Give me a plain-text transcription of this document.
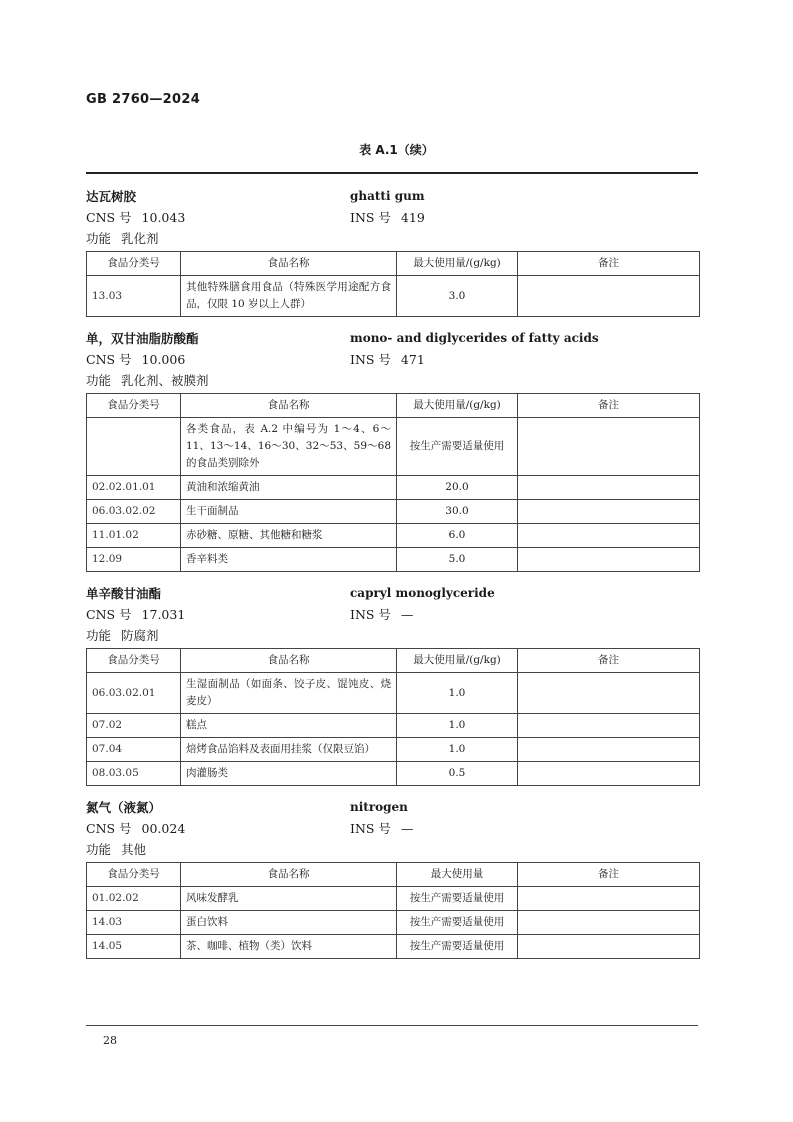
GB 2760—2024
表 A.1（续）
达瓦树胶	ghatti gum
CNS 号 10.043	INS 号 419
功能 乳化剂
食品分类号	食品名称	最大使用量/(g/kg)	备注
13.03	其他特殊膳食用食品（特殊医学用途配方食品，仅限 10 岁以上人群）	3.0	
单，双甘油脂肪酸酯	mono- and diglycerides of fatty acids
CNS 号 10.006	INS 号 471
功能 乳化剂、被膜剂
食品分类号	食品名称	最大使用量/(g/kg)	备注
	各类食品，表 A.2 中编号为 1～4、6～11、13～14、16～30、32～53、59～68 的食品类别除外	按生产需要适量使用	
02.02.01.01	黄油和浓缩黄油	20.0	
06.03.02.02	生干面制品	30.0	
11.01.02	赤砂糖、原糖、其他糖和糖浆	6.0	
12.09	香辛料类	5.0	
单辛酸甘油酯	capryl monoglyceride
CNS 号 17.031	INS 号 —
功能 防腐剂
食品分类号	食品名称	最大使用量/(g/kg)	备注
06.03.02.01	生湿面制品（如面条、饺子皮、馄饨皮、烧麦皮）	1.0	
07.02	糕点	1.0	
07.04	焙烤食品馅料及表面用挂浆（仅限豆馅）	1.0	
08.03.05	肉灌肠类	0.5	
氮气（液氮）	nitrogen
CNS 号 00.024	INS 号 —
功能 其他
食品分类号	食品名称	最大使用量	备注
01.02.02	风味发酵乳	按生产需要适量使用	
14.03	蛋白饮料	按生产需要适量使用	
14.05	茶、咖啡、植物（类）饮料	按生产需要适量使用	
28
